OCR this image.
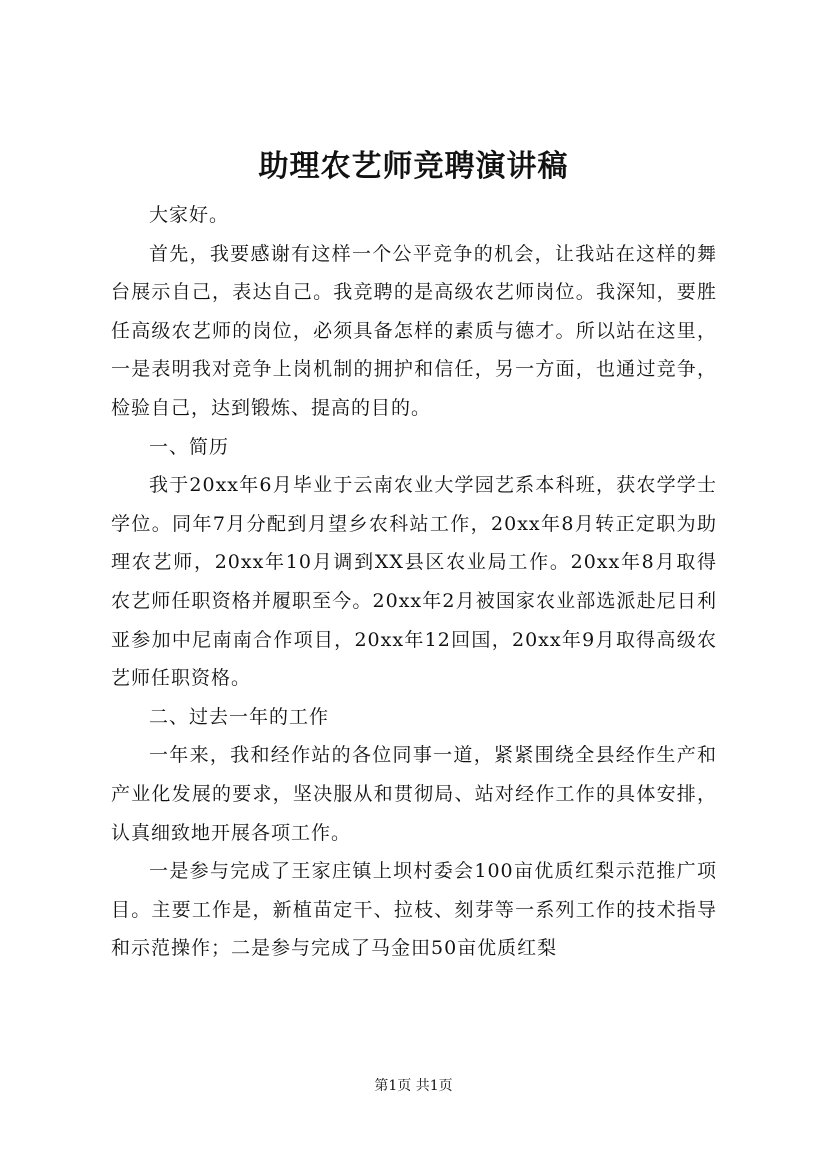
助理农艺师竞聘演讲稿

大家好。

首先，我要感谢有这样一个公平竞争的机会，让我站在这样的舞台展示自己，表达自己。我竞聘的是高级农艺师岗位。我深知，要胜任高级农艺师的岗位，必须具备怎样的素质与德才。所以站在这里，一是表明我对竞争上岗机制的拥护和信任，另一方面，也通过竞争，检验自己，达到锻炼、提高的目的。

一、简历

我于20xx年6月毕业于云南农业大学园艺系本科班，获农学学士学位。同年7月分配到月望乡农科站工作，20xx年8月转正定职为助理农艺师，20xx年10月调到XX县区农业局工作。20xx年8月取得农艺师任职资格并履职至今。20xx年2月被国家农业部选派赴尼日利亚参加中尼南南合作项目，20xx年12回国，20xx年9月取得高级农艺师任职资格。

二、过去一年的工作

一年来，我和经作站的各位同事一道，紧紧围绕全县经作生产和产业化发展的要求，坚决服从和贯彻局、站对经作工作的具体安排，认真细致地开展各项工作。

一是参与完成了王家庄镇上坝村委会100亩优质红梨示范推广项目。主要工作是，新植苗定干、拉枝、刻芽等一系列工作的技术指导和示范操作；二是参与完成了马金田50亩优质红梨

第1页 共1页
